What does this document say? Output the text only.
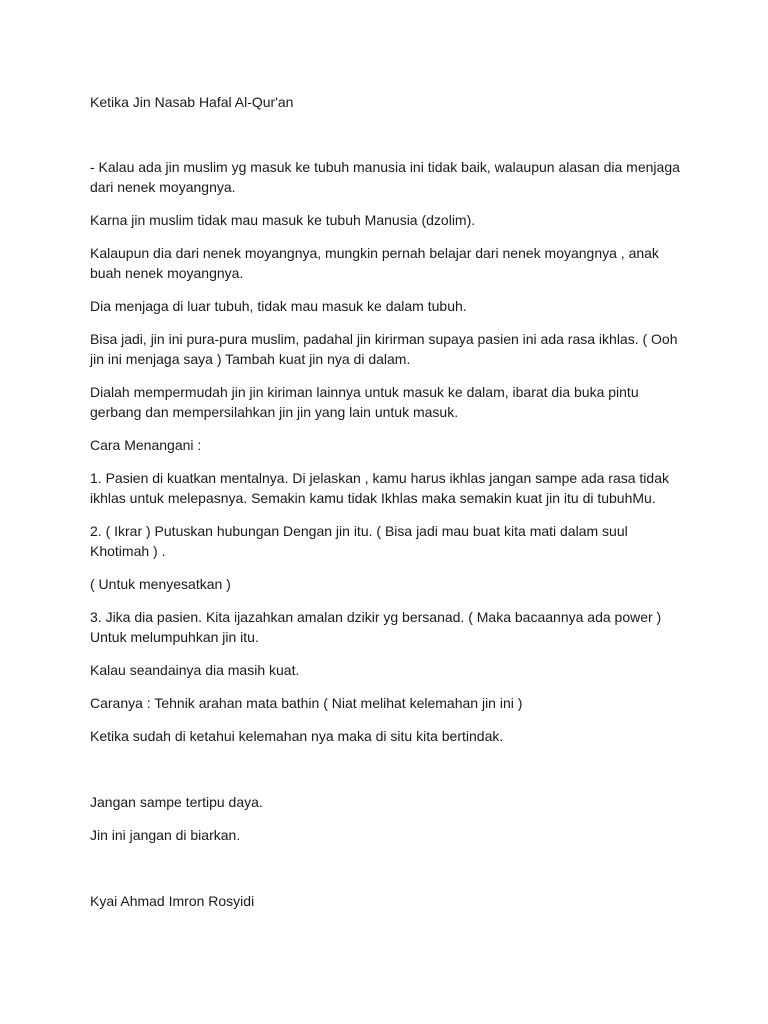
Ketika Jin Nasab Hafal Al-Qur'an

- Kalau ada jin muslim yg masuk ke tubuh manusia ini tidak baik, walaupun alasan dia menjaga dari nenek moyangnya.

Karna jin muslim tidak mau masuk ke tubuh Manusia (dzolim).

Kalaupun dia dari nenek moyangnya, mungkin pernah belajar dari nenek moyangnya , anak buah nenek moyangnya.

Dia menjaga di luar tubuh, tidak mau masuk ke dalam tubuh.

Bisa jadi, jin ini pura-pura muslim, padahal jin kirirman supaya pasien ini ada rasa ikhlas. ( Ooh jin ini menjaga saya ) Tambah kuat jin nya di dalam.

Dialah mempermudah jin jin kiriman lainnya untuk masuk ke dalam, ibarat dia buka pintu gerbang dan mempersilahkan jin jin yang lain untuk masuk.

Cara Menangani :

1. Pasien di kuatkan mentalnya. Di jelaskan , kamu harus ikhlas jangan sampe ada rasa tidak ikhlas untuk melepasnya. Semakin kamu tidak Ikhlas maka semakin kuat jin itu di tubuhMu.

2. ( Ikrar ) Putuskan hubungan Dengan jin itu. ( Bisa jadi mau buat kita mati dalam suul Khotimah ) .

( Untuk menyesatkan )

3. Jika dia pasien. Kita ijazahkan amalan dzikir yg bersanad. ( Maka bacaannya ada power ) Untuk melumpuhkan jin itu.

Kalau seandainya dia masih kuat.

Caranya : Tehnik arahan mata bathin ( Niat melihat kelemahan jin ini )

Ketika sudah di ketahui kelemahan nya maka di situ kita bertindak.

Jangan sampe tertipu daya.

Jin ini jangan di biarkan.

Kyai Ahmad Imron Rosyidi
